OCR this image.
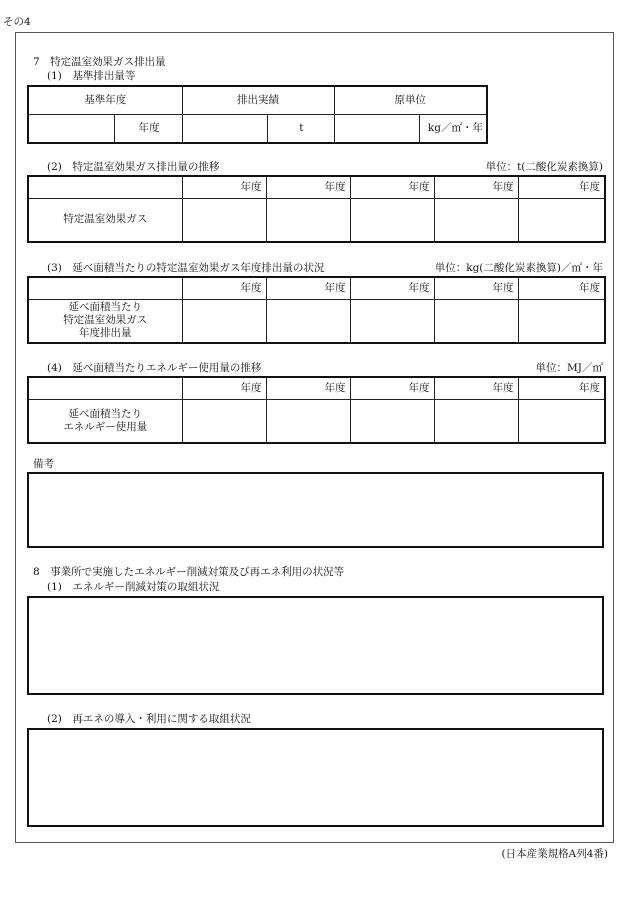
その4
7　特定温室効果ガス排出量
(1)　基準排出量等
基準年度		排出実績		原単位	
	年度		t		kg／㎡・年
(2)　特定温室効果ガス排出量の推移	単位：t(二酸化炭素換算)
	年度	年度	年度	年度	年度
特定温室効果ガス					
(3)　延べ面積当たりの特定温室効果ガス年度排出量の状況	単位：kg(二酸化炭素換算)／㎡・年
	年度	年度	年度	年度	年度

延べ面積当たり
特定温室効果ガス
年度排出量					

(4)　延べ面積当たりエネルギー使用量の推移	単位：MJ／㎡
	年度	年度	年度	年度	年度

延べ面積当たり
エネルギー使用量					

備考
8　事業所で実施したエネルギー削減対策及び再エネ利用の状況等
(1)　エネルギー削減対策の取組状況
(2)　再エネの導入・利用に関する取組状況
(日本産業規格A列4番)
